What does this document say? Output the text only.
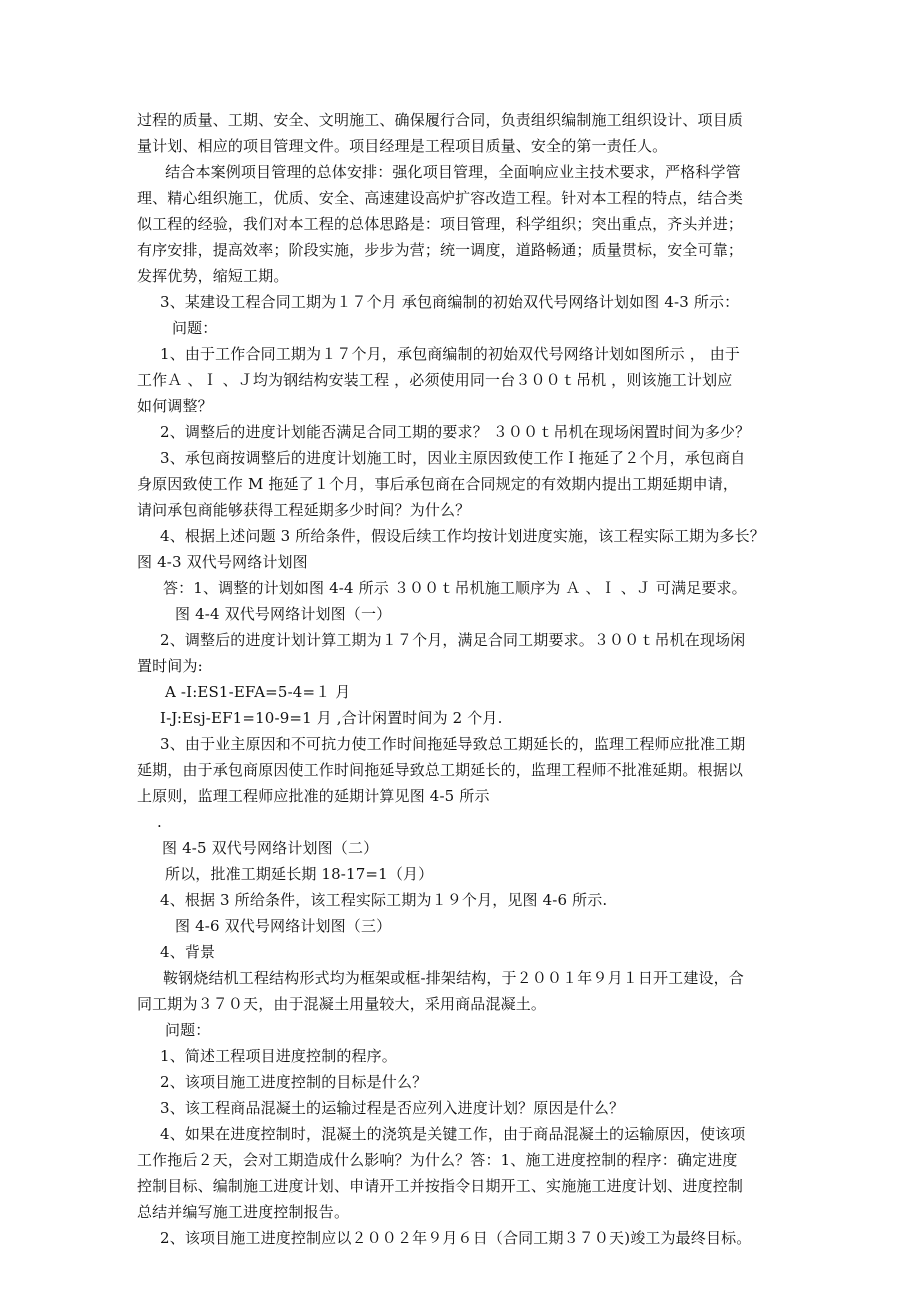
过程的质量、工期、安全、文明施工、确保履行合同，负责组织编制施工组织设计、项目质
量计划、相应的项目管理文件。项目经理是工程项目质量、安全的第一责任人。
　结合本案例项目管理的总体安排：强化项目管理，全面响应业主技术要求，严格科学管
理、精心组织施工，优质、安全、高速建设高炉扩容改造工程。针对本工程的特点，结合类
似工程的经验，我们对本工程的总体思路是：项目管理，科学组织；突出重点，齐头并进；
有序安排，提高效率；阶段实施，步步为营；统一调度，道路畅通；质量贯标，安全可靠；
发挥优势，缩短工期。
3、某建设工程合同工期为１７个月 承包商编制的初始双代号网络计划如图 4-3 所示：
问题：
1、由于工作合同工期为１７个月，承包商编制的初始双代号网络计划如图所示 ， 由于
工作Ａ 、Ｉ 、Ｊ均为钢结构安装工程 ，必须使用同一台３００ｔ吊机 ，则该施工计划应
如何调整？
2、调整后的进度计划能否满足合同工期的要求？ ３００ｔ吊机在现场闲置时间为多少？
3、承包商按调整后的进度计划施工时，因业主原因致使工作Ｉ拖延了２个月，承包商自
身原因致使工作 M 拖延了１个月，事后承包商在合同规定的有效期内提出工期延期申请，
请问承包商能够获得工程延期多少时间？为什么？
4、根据上述问题 3 所给条件，假设后续工作均按计划进度实施，该工程实际工期为多长？
图 4-3 双代号网络计划图
答：1、调整的计划如图 4-4 所示 ３００ｔ吊机施工顺序为 Ａ 、Ｉ 、Ｊ 可满足要求。
图 4-4 双代号网络计划图（一）
2、调整后的进度计划计算工期为１７个月，满足合同工期要求。３００ｔ吊机在现场闲
置时间为:
A -I:ES1-EFA=5-4=１ 月
I-J:Esj-EF1=10-9=1 月 ,合计闲置时间为 2 个月.
3、由于业主原因和不可抗力使工作时间拖延导致总工期延长的，监理工程师应批准工期
延期，由于承包商原因使工作时间拖延导致总工期延长的，监理工程师不批准延期。根据以
上原则，监理工程师应批准的延期计算见图 4-5 所示
.
图 4-5 双代号网络计划图（二）
所以，批准工期延长期 18-17=1（月）
4、根据 3 所给条件，该工程实际工期为１９个月，见图 4-6 所示.
图 4-6 双代号网络计划图（三）
4、背景
鞍钢烧结机工程结构形式均为框架或框-排架结构，于２００１年９月１日开工建设，合
同工期为３７０天，由于混凝土用量较大，采用商品混凝土。
问题：
1、简述工程项目进度控制的程序。
2、该项目施工进度控制的目标是什么？
3、该工程商品混凝土的运输过程是否应列入进度计划？原因是什么？
4、如果在进度控制时，混凝土的浇筑是关键工作，由于商品混凝土的运输原因，使该项
工作拖后２天，会对工期造成什么影响？为什么？答：1、施工进度控制的程序：确定进度
控制目标、编制施工进度计划、申请开工并按指令日期开工、实施施工进度计划、进度控制
总结并编写施工进度控制报告。
2、该项目施工进度控制应以２００２年９月６日（合同工期３７０天)竣工为最终目标。
